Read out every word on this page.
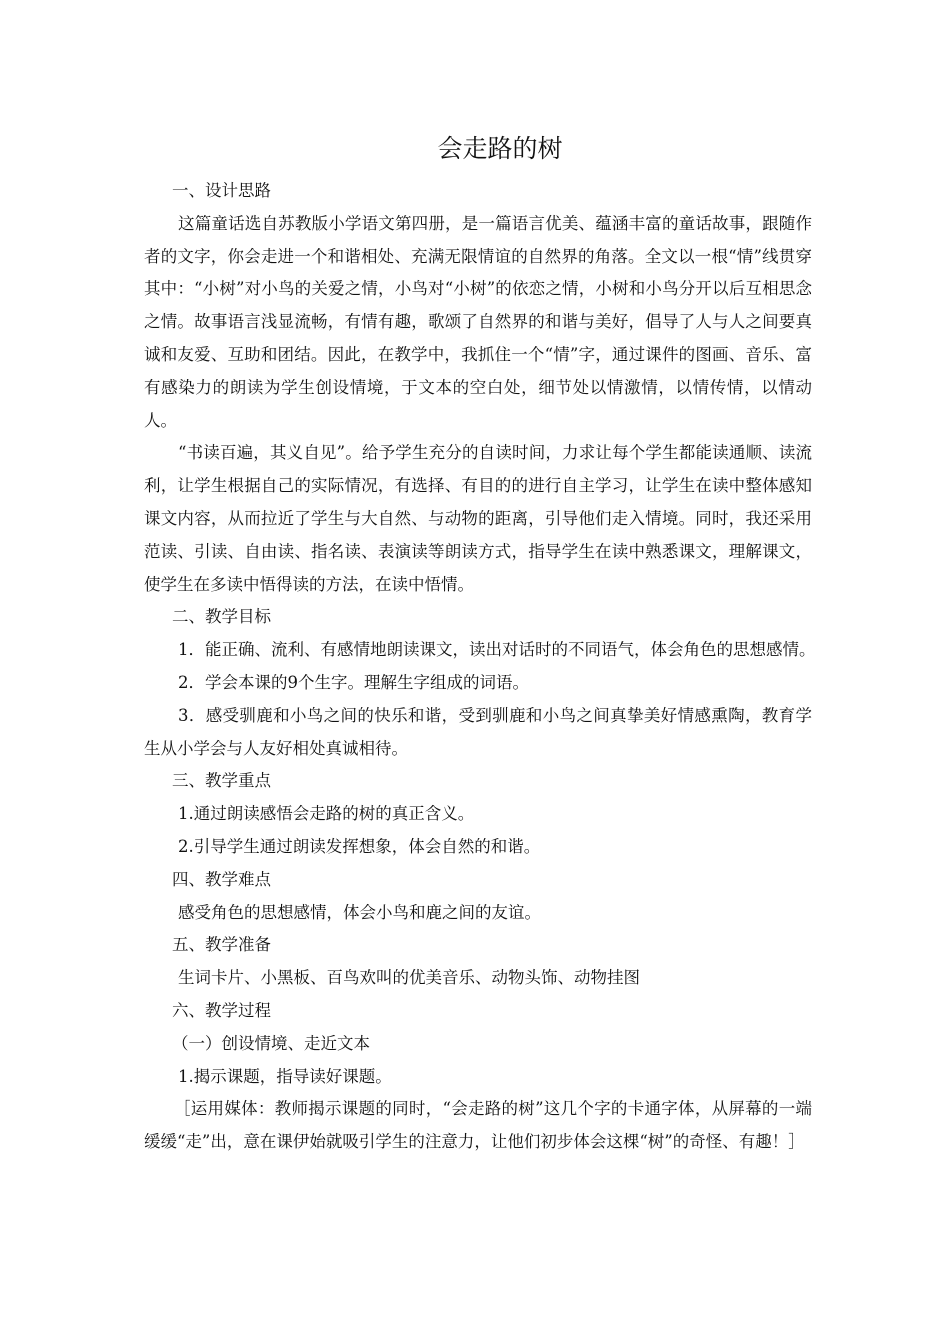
会走路的树

一、设计思路

这篇童话选自苏教版小学语文第四册，是一篇语言优美、蕴涵丰富的童话故事，跟随作者的文字，你会走进一个和谐相处、充满无限情谊的自然界的角落。全文以一根“情”线贯穿其中：“小树”对小鸟的关爱之情，小鸟对“小树”的依恋之情，小树和小鸟分开以后互相思念之情。故事语言浅显流畅，有情有趣，歌颂了自然界的和谐与美好，倡导了人与人之间要真诚和友爱、互助和团结。因此，在教学中，我抓住一个“情”字，通过课件的图画、音乐、富有感染力的朗读为学生创设情境，于文本的空白处，细节处以情激情，以情传情，以情动人。

“书读百遍，其义自见”。给予学生充分的自读时间，力求让每个学生都能读通顺、读流利，让学生根据自己的实际情况，有选择、有目的的进行自主学习，让学生在读中整体感知课文内容，从而拉近了学生与大自然、与动物的距离，引导他们走入情境。同时，我还采用范读、引读、自由读、指名读、表演读等朗读方式，指导学生在读中熟悉课文，理解课文，使学生在多读中悟得读的方法，在读中悟情。

二、教学目标

1．能正确、流利、有感情地朗读课文，读出对话时的不同语气，体会角色的思想感情。

2．学会本课的9个生字。理解生字组成的词语。

3．感受驯鹿和小鸟之间的快乐和谐，受到驯鹿和小鸟之间真挚美好情感熏陶，教育学生从小学会与人友好相处真诚相待。

三、教学重点

1.通过朗读感悟会走路的树的真正含义。

2.引导学生通过朗读发挥想象，体会自然的和谐。

四、教学难点

感受角色的思想感情，体会小鸟和鹿之间的友谊。

五、教学准备

生词卡片、小黑板、百鸟欢叫的优美音乐、动物头饰、动物挂图

六、教学过程

（一）创设情境、走近文本

1.揭示课题，指导读好课题。

［运用媒体：教师揭示课题的同时，“会走路的树”这几个字的卡通字体，从屏幕的一端缓缓“走”出，意在课伊始就吸引学生的注意力，让他们初步体会这棵“树”的奇怪、有趣！］
